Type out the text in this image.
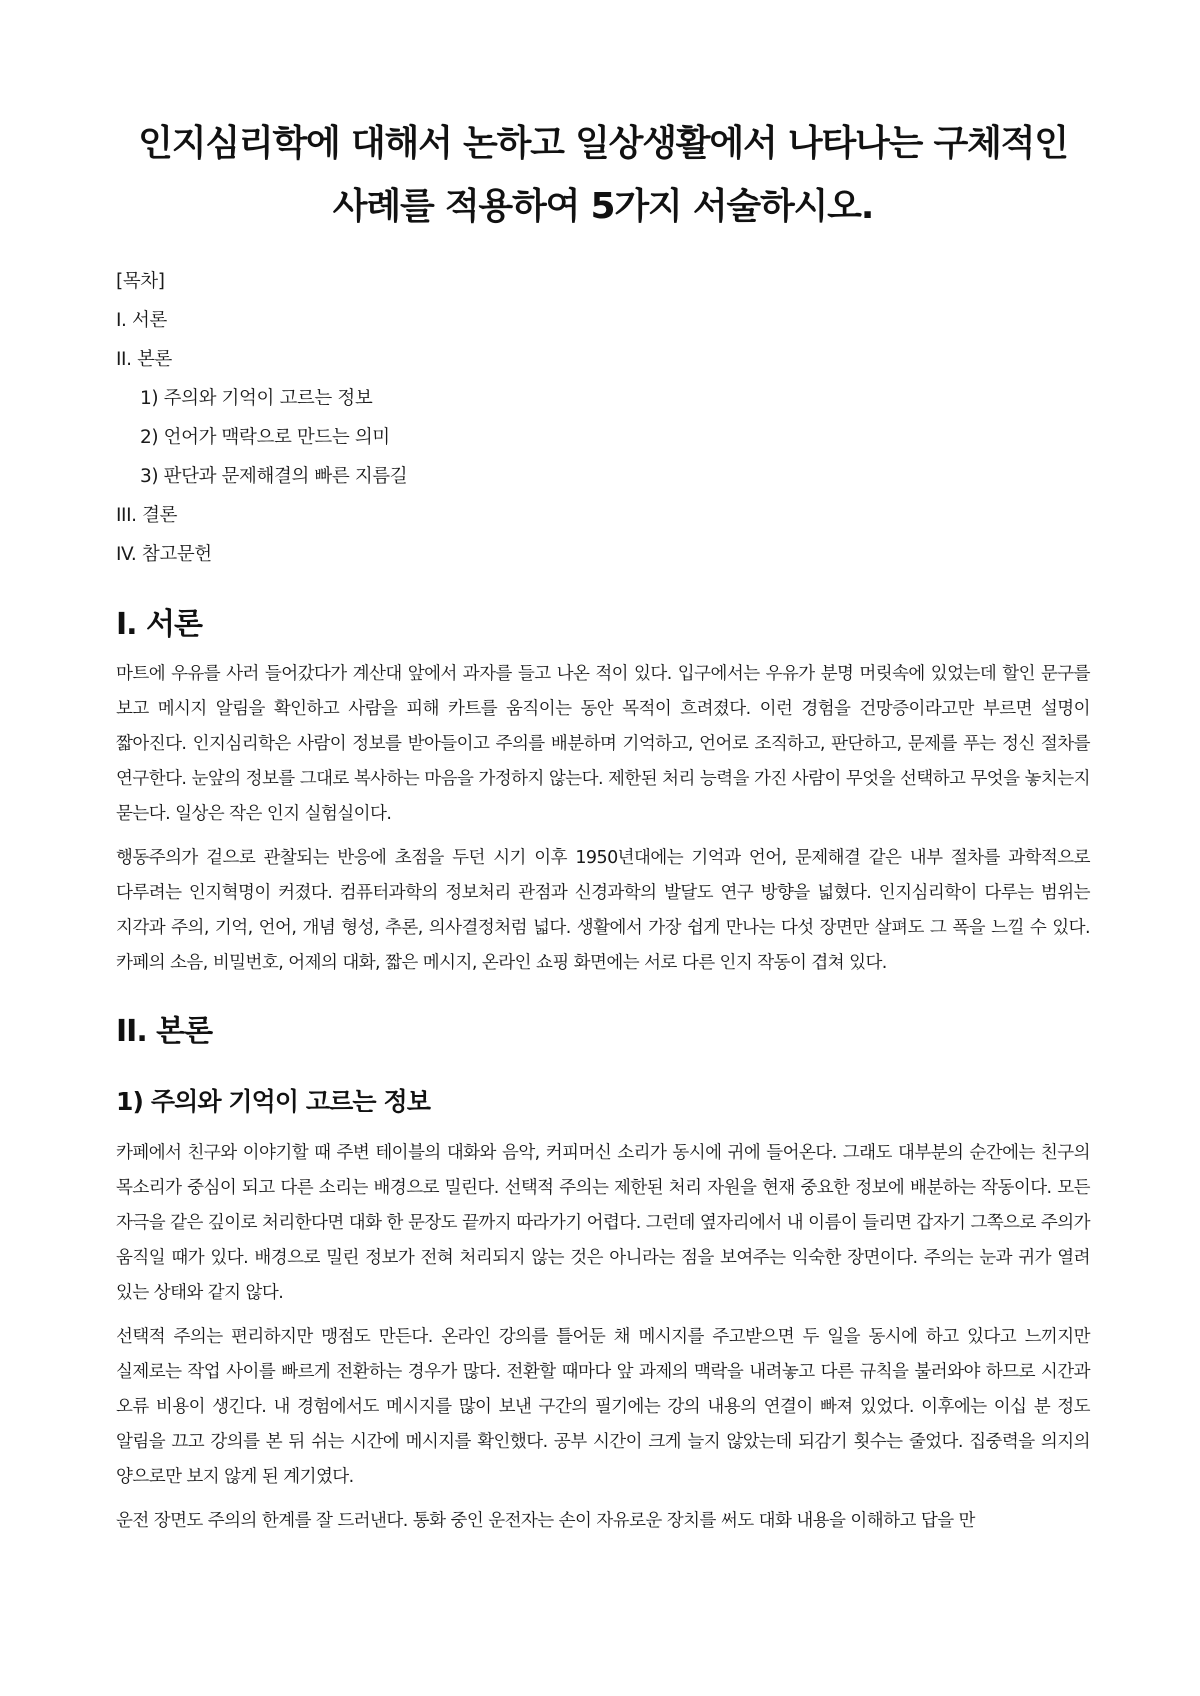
인지심리학에 대해서 논하고 일상생활에서 나타나는 구체적인 사례를 적용하여 5가지 서술하시오.
[목차]
I. 서론
II. 본론
1) 주의와 기억이 고르는 정보
2) 언어가 맥락으로 만드는 의미
3) 판단과 문제해결의 빠른 지름길
III. 결론
IV. 참고문헌
I. 서론

마트에 우유를 사러 들어갔다가 계산대 앞에서 과자를 들고 나온 적이 있다. 입구에서는 우유가 분명 머릿속에 있었는데 할인 문구를 보고 메시지 알림을 확인하고 사람을 피해 카트를 움직이는 동안 목적이 흐려졌다. 이런 경험을 건망증이라고만 부르면 설명이 짧아진다. 인지심리학은 사람이 정보를 받아들이고 주의를 배분하며 기억하고, 언어로 조직하고, 판단하고, 문제를 푸는 정신 절차를 연구한다. 눈앞의 정보를 그대로 복사하는 마음을 가정하지 않는다. 제한된 처리 능력을 가진 사람이 무엇을 선택하고 무엇을 놓치는지 묻는다. 일상은 작은 인지 실험실이다.

행동주의가 겉으로 관찰되는 반응에 초점을 두던 시기 이후 1950년대에는 기억과 언어, 문제해결 같은 내부 절차를 과학적으로 다루려는 인지혁명이 커졌다. 컴퓨터과학의 정보처리 관점과 신경과학의 발달도 연구 방향을 넓혔다. 인지심리학이 다루는 범위는 지각과 주의, 기억, 언어, 개념 형성, 추론, 의사결정처럼 넓다. 생활에서 가장 쉽게 만나는 다섯 장면만 살펴도 그 폭을 느낄 수 있다. 카페의 소음, 비밀번호, 어제의 대화, 짧은 메시지, 온라인 쇼핑 화면에는 서로 다른 인지 작동이 겹쳐 있다.

II. 본론
1) 주의와 기억이 고르는 정보

카페에서 친구와 이야기할 때 주변 테이블의 대화와 음악, 커피머신 소리가 동시에 귀에 들어온다. 그래도 대부분의 순간에는 친구의 목소리가 중심이 되고 다른 소리는 배경으로 밀린다. 선택적 주의는 제한된 처리 자원을 현재 중요한 정보에 배분하는 작동이다. 모든 자극을 같은 깊이로 처리한다면 대화 한 문장도 끝까지 따라가기 어렵다. 그런데 옆자리에서 내 이름이 들리면 갑자기 그쪽으로 주의가 움직일 때가 있다. 배경으로 밀린 정보가 전혀 처리되지 않는 것은 아니라는 점을 보여주는 익숙한 장면이다. 주의는 눈과 귀가 열려 있는 상태와 같지 않다.

선택적 주의는 편리하지만 맹점도 만든다. 온라인 강의를 틀어둔 채 메시지를 주고받으면 두 일을 동시에 하고 있다고 느끼지만 실제로는 작업 사이를 빠르게 전환하는 경우가 많다. 전환할 때마다 앞 과제의 맥락을 내려놓고 다른 규칙을 불러와야 하므로 시간과 오류 비용이 생긴다. 내 경험에서도 메시지를 많이 보낸 구간의 필기에는 강의 내용의 연결이 빠져 있었다. 이후에는 이십 분 정도 알림을 끄고 강의를 본 뒤 쉬는 시간에 메시지를 확인했다. 공부 시간이 크게 늘지 않았는데 되감기 횟수는 줄었다. 집중력을 의지의 양으로만 보지 않게 된 계기였다.

운전 장면도 주의의 한계를 잘 드러낸다. 통화 중인 운전자는 손이 자유로운 장치를 써도 대화 내용을 이해하고 답을 만
